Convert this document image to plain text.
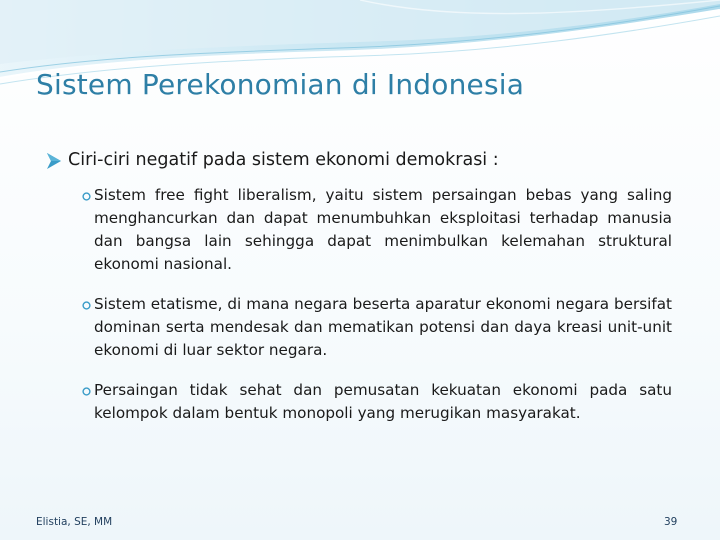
Sistem Perekonomian di Indonesia
Ciri-ciri negatif pada sistem ekonomi demokrasi :
Sistem free fight liberalism, yaitu sistem persaingan bebas yang saling menghancurkan dan dapat menumbuhkan eksploitasi terhadap manusia dan bangsa lain sehingga dapat menimbulkan kelemahan struktural ekonomi nasional.
Sistem etatisme, di mana negara beserta aparatur ekonomi negara bersifat dominan serta mendesak dan mematikan potensi dan daya kreasi unit-unit ekonomi di luar sektor negara.
Persaingan tidak sehat dan pemusatan kekuatan ekonomi pada satu kelompok dalam bentuk monopoli yang merugikan masyarakat.
Elistia, SE, MM	39
